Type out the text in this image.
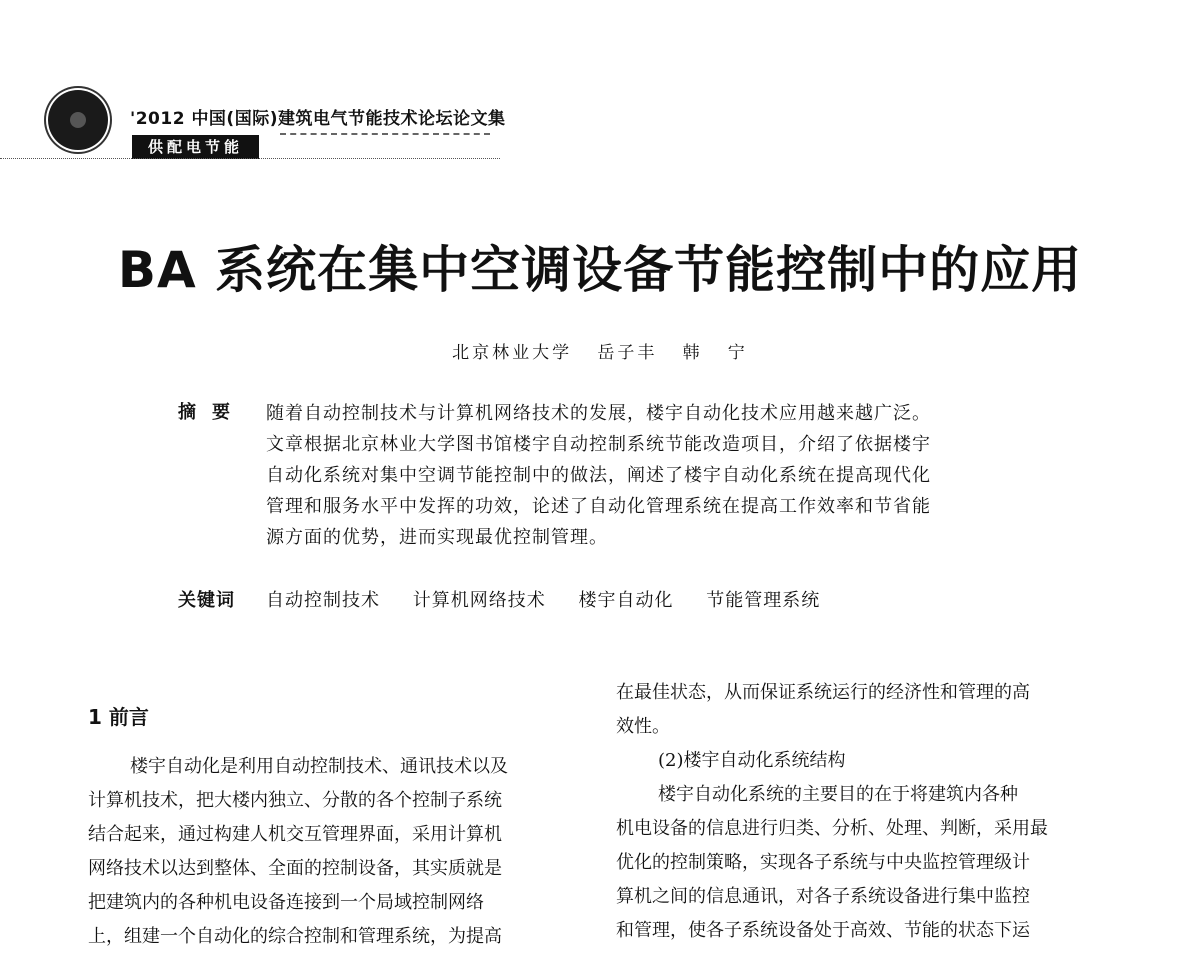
'2012 中国(国际)建筑电气节能技术论坛论文集
供配电节能
BA 系统在集中空调设备节能控制中的应用
北京林业大学   岳子丰   韩   宁
摘要 随着自动控制技术与计算机网络技术的发展，楼宇自动化技术应用越来越广泛。
文章根据北京林业大学图书馆楼宇自动控制系统节能改造项目，介绍了依据楼宇
自动化系统对集中空调节能控制中的做法，阐述了楼宇自动化系统在提高现代化
管理和服务水平中发挥的功效，论述了自动化管理系统在提高工作效率和节省能
源方面的优势，进而实现最优控制管理。
关键词 自动控制技术 计算机网络技术 楼宇自动化 节能管理系统
1 前言
楼宇自动化是利用自动控制技术、通讯技术以及
计算机技术，把大楼内独立、分散的各个控制子系统
结合起来，通过构建人机交互管理界面，采用计算机
网络技术以达到整体、全面的控制设备，其实质就是
把建筑内的各种机电设备连接到一个局域控制网络
上，组建一个自动化的综合控制和管理系统，为提高
在最佳状态，从而保证系统运行的经济性和管理的高
效性。
(2)楼宇自动化系统结构
楼宇自动化系统的主要目的在于将建筑内各种
机电设备的信息进行归类、分析、处理、判断，采用最
优化的控制策略，实现各子系统与中央监控管理级计
算机之间的信息通讯，对各子系统设备进行集中监控
和管理，使各子系统设备处于高效、节能的状态下运
